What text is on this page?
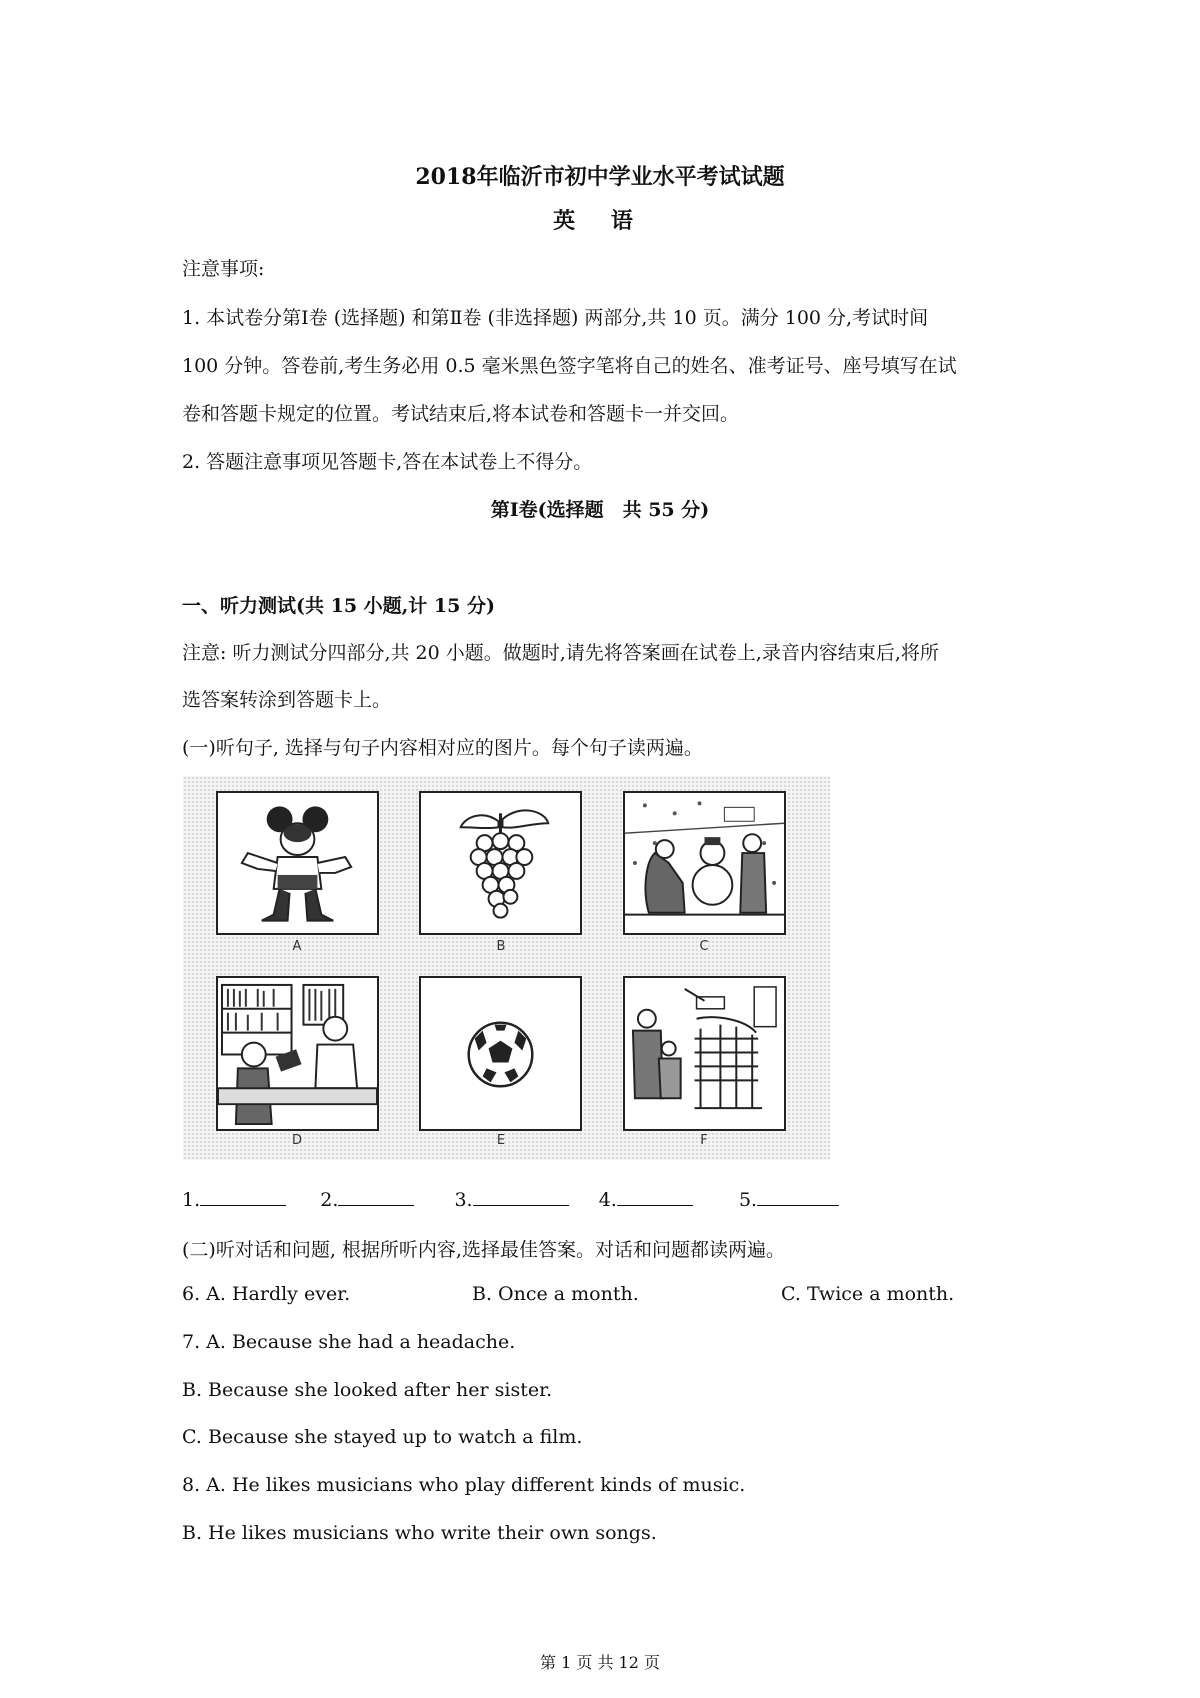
2018年临沂市初中学业水平考试试题
英 语
注意事项:
1. 本试卷分第Ⅰ卷 (选择题) 和第Ⅱ卷 (非选择题) 两部分,共 10 页。满分 100 分,考试时间
100 分钟。答卷前,考生务必用 0.5 毫米黑色签字笔将自己的姓名、准考证号、座号填写在试
卷和答题卡规定的位置。考试结束后,将本试卷和答题卡一并交回。
2. 答题注意事项见答题卡,答在本试卷上不得分。
第Ⅰ卷(选择题　共 55 分)
一、听力测试(共 15 小题,计 15 分)
注意: 听力测试分四部分,共 20 小题。做题时,请先将答案画在试卷上,录音内容结束后,将所
选答案转涂到答题卡上。
(一)听句子, 选择与句子内容相对应的图片。每个句子读两遍。
A	B	C
D	E	F
1.	2.	3.	4.	5.
(二)听对话和问题, 根据所听内容,选择最佳答案。对话和问题都读两遍。
6. A. Hardly ever.	B. Once a month.	C. Twice a month.
7. A. Because she had a headache.
B. Because she looked after her sister.
C. Because she stayed up to watch a film.
8. A. He likes musicians who play different kinds of music.
B. He likes musicians who write their own songs.
第 1 页 共 12 页
